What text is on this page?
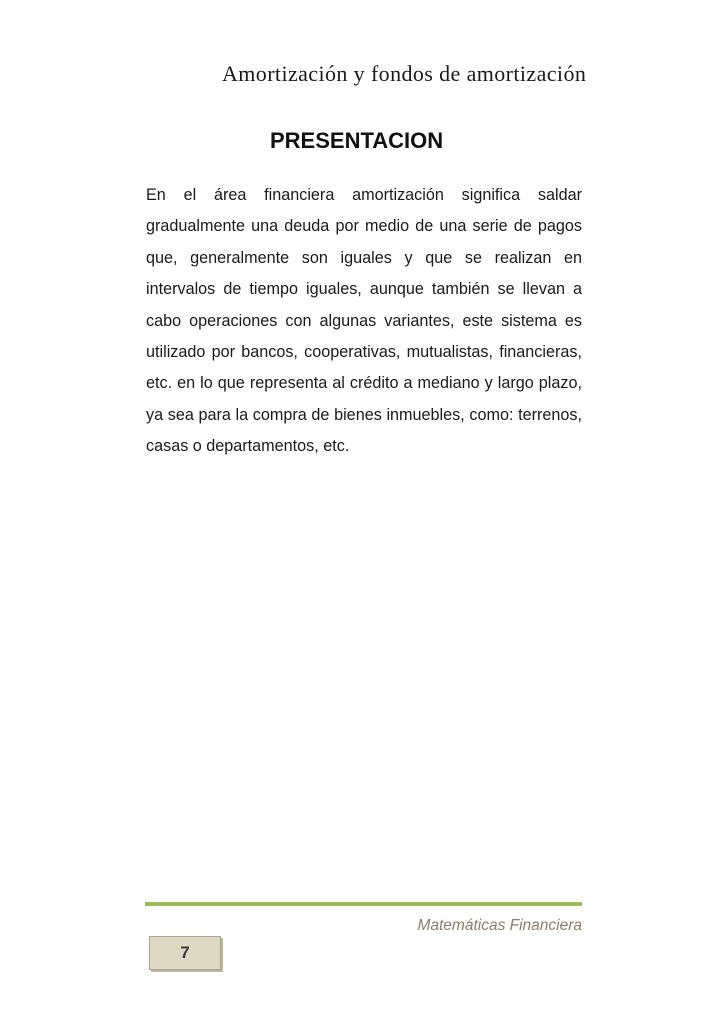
Amortización y fondos de amortización
PRESENTACION

En el área financiera amortización significa saldar gradualmente una deuda por medio de una serie de pagos que, generalmente son iguales y que se realizan en intervalos de tiempo iguales, aunque también se llevan a cabo operaciones con algunas variantes, este sistema es utilizado por bancos, cooperativas, mutualistas, financieras, etc. en lo que representa al crédito a mediano y largo plazo, ya sea para la compra de bienes inmuebles, como: terrenos, casas o departamentos, etc.

Matemáticas Financiera
7
